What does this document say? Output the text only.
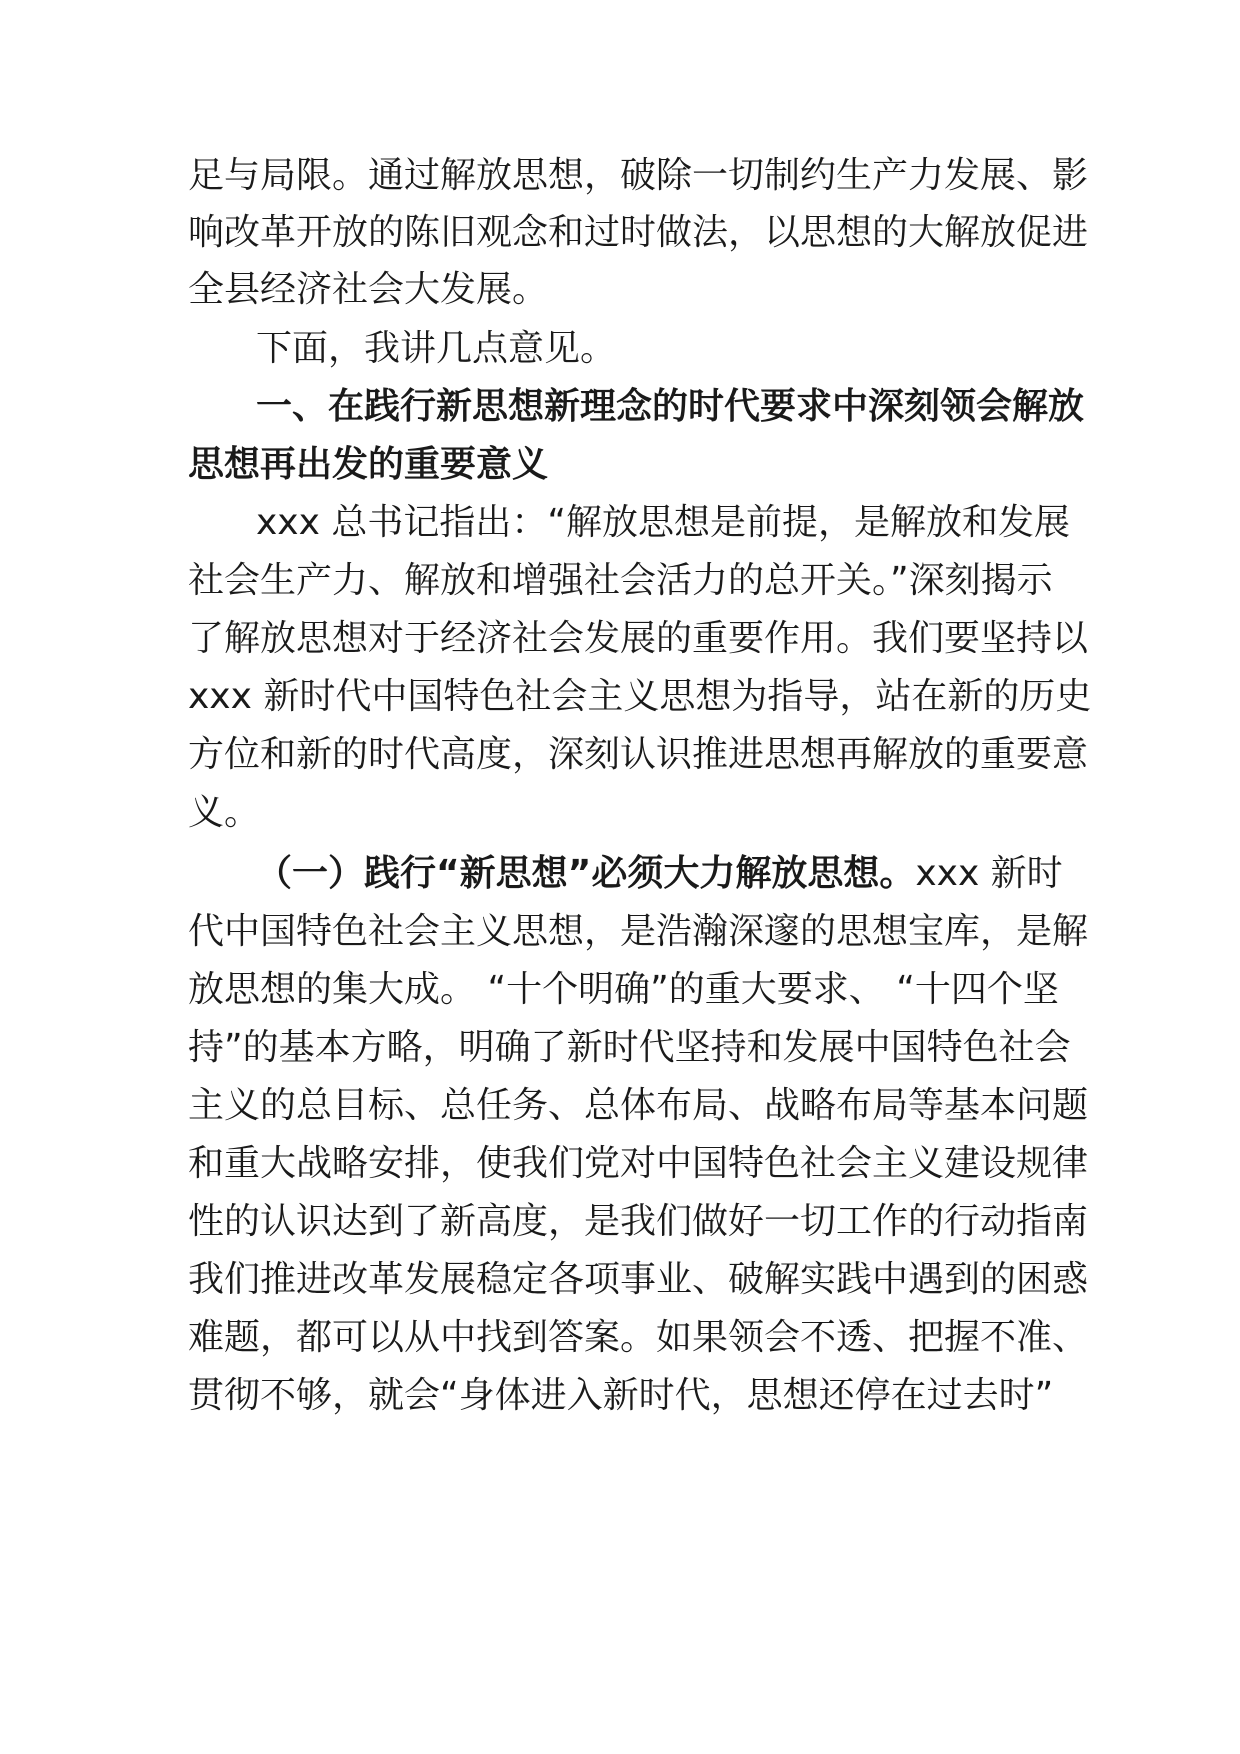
足与局限。通过解放思想，破除一切制约生产力发展、影
响改革开放的陈旧观念和过时做法，以思想的大解放促进
全县经济社会大发展。
下面，我讲几点意见。
一、在践行新思想新理念的时代要求中深刻领会解放
思想再出发的重要意义
xxx 总书记指出：“解放思想是前提，是解放和发展
社会生产力、解放和增强社会活力的总开关。”深刻揭示
了解放思想对于经济社会发展的重要作用。我们要坚持以
xxx 新时代中国特色社会主义思想为指导，站在新的历史
方位和新的时代高度，深刻认识推进思想再解放的重要意
义。
（一）践行“新思想”必须大力解放思想。xxx 新时
代中国特色社会主义思想，是浩瀚深邃的思想宝库，是解
放思想的集大成。 “十个明确”的重大要求、 “十四个坚
持”的基本方略，明确了新时代坚持和发展中国特色社会
主义的总目标、总任务、总体布局、战略布局等基本问题
和重大战略安排，使我们党对中国特色社会主义建设规律
性的认识达到了新高度，是我们做好一切工作的行动指南
我们推进改革发展稳定各项事业、破解实践中遇到的困惑
难题，都可以从中找到答案。如果领会不透、把握不准、
贯彻不够，就会“身体进入新时代，思想还停在过去时”
